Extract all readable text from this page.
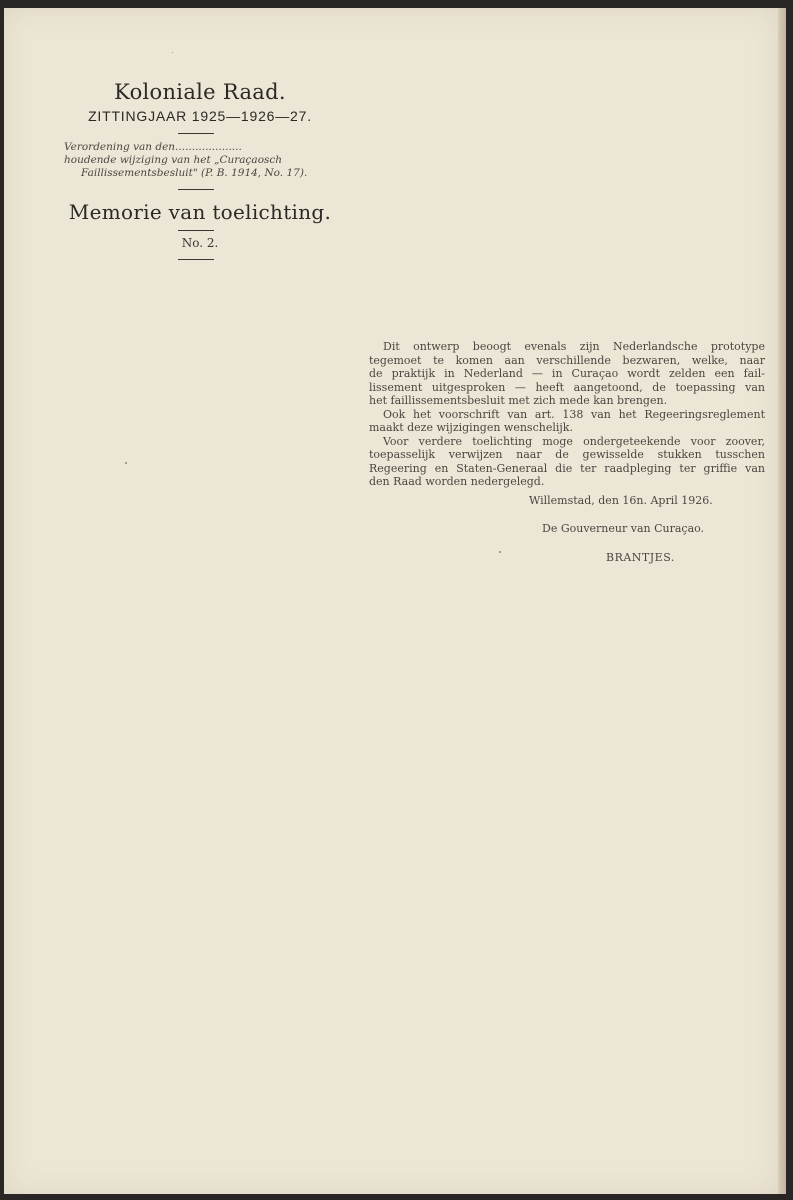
Koloniale Raad.
ZITTINGJAAR 1925—1926—27.
Verordening van den....................
houdende wijziging van het „Curaçaosch
Faillissementsbesluit" (P. B. 1914, No. 17).
Memorie van toelichting.
No. 2.
Dit ontwerp beoogt evenals zijn Nederlandsche prototype
tegemoet te komen aan verschillende bezwaren, welke, naar
de praktijk in Nederland — in Curaçao wordt zelden een fail-
lissement uitgesproken — heeft aangetoond, de toepassing van
het faillissementsbesluit met zich mede kan brengen.
Ook het voorschrift van art. 138 van het Regeeringsreglement
maakt deze wijzigingen wenschelijk.
Voor verdere toelichting moge ondergeteekende voor zoover,
toepasselijk verwijzen naar de gewisselde stukken tusschen
Regeering en Staten-Generaal die ter raadpleging ter griffie van
den Raad worden nedergelegd.
Willemstad, den 16n. April 1926.
De Gouverneur van Curaçao.
BRANTJES.
